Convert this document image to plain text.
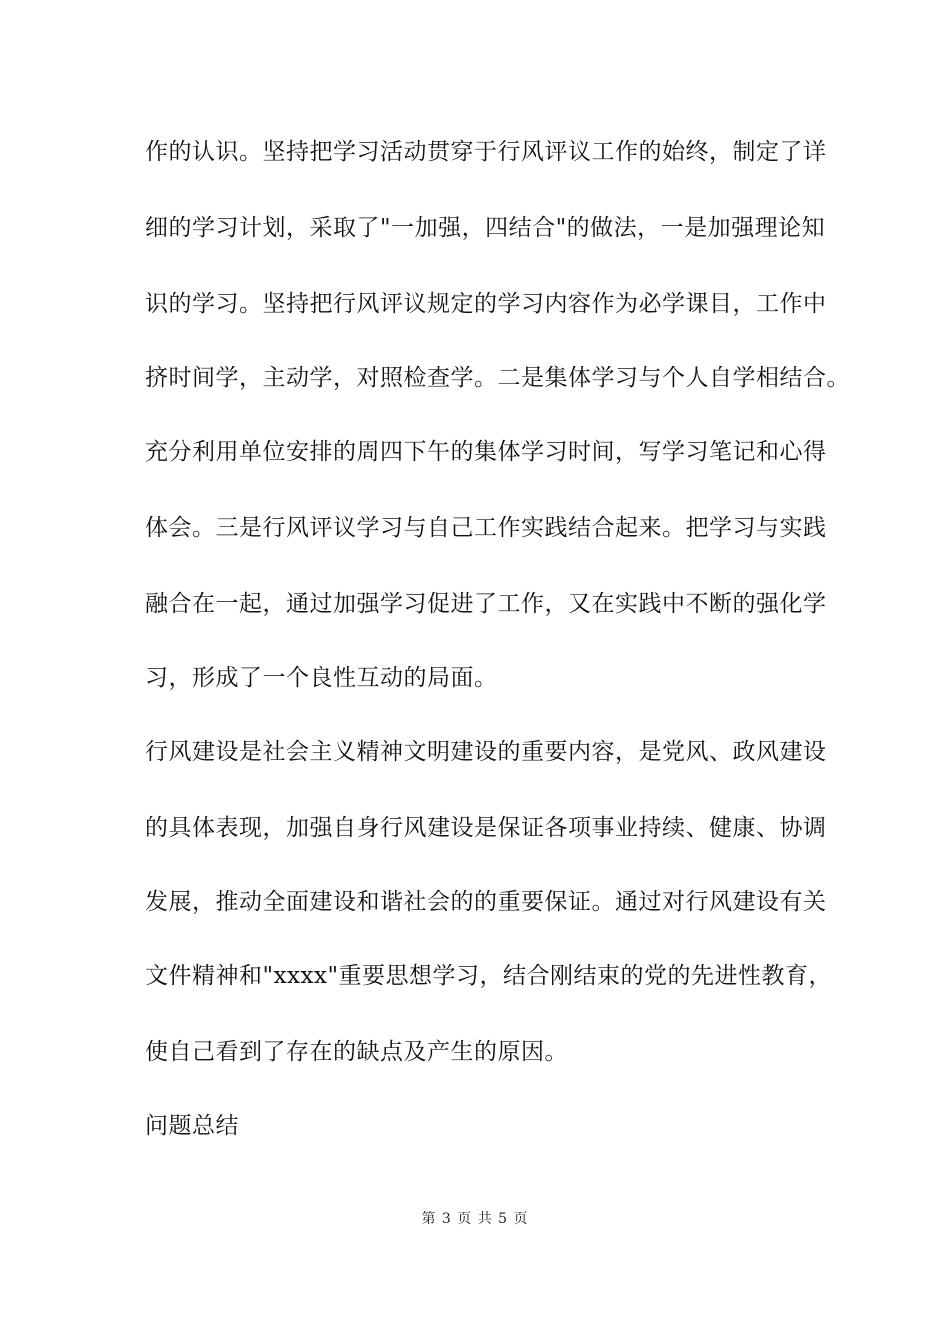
作的认识。坚持把学习活动贯穿于行风评议工作的始终，制定了详
细的学习计划，采取了"一加强，四结合"的做法，一是加强理论知
识的学习。坚持把行风评议规定的学习内容作为必学课目，工作中
挤时间学，主动学，对照检查学。二是集体学习与个人自学相结合。
充分利用单位安排的周四下午的集体学习时间，写学习笔记和心得
体会。三是行风评议学习与自己工作实践结合起来。把学习与实践
融合在一起，通过加强学习促进了工作，又在实践中不断的强化学
习，形成了一个良性互动的局面。
行风建设是社会主义精神文明建设的重要内容，是党风、政风建设
的具体表现，加强自身行风建设是保证各项事业持续、健康、协调
发展，推动全面建设和谐社会的的重要保证。通过对行风建设有关
文件精神和"xxxx"重要思想学习，结合刚结束的党的先进性教育，
使自己看到了存在的缺点及产生的原因。
问题总结
第 3 页 共 5 页
